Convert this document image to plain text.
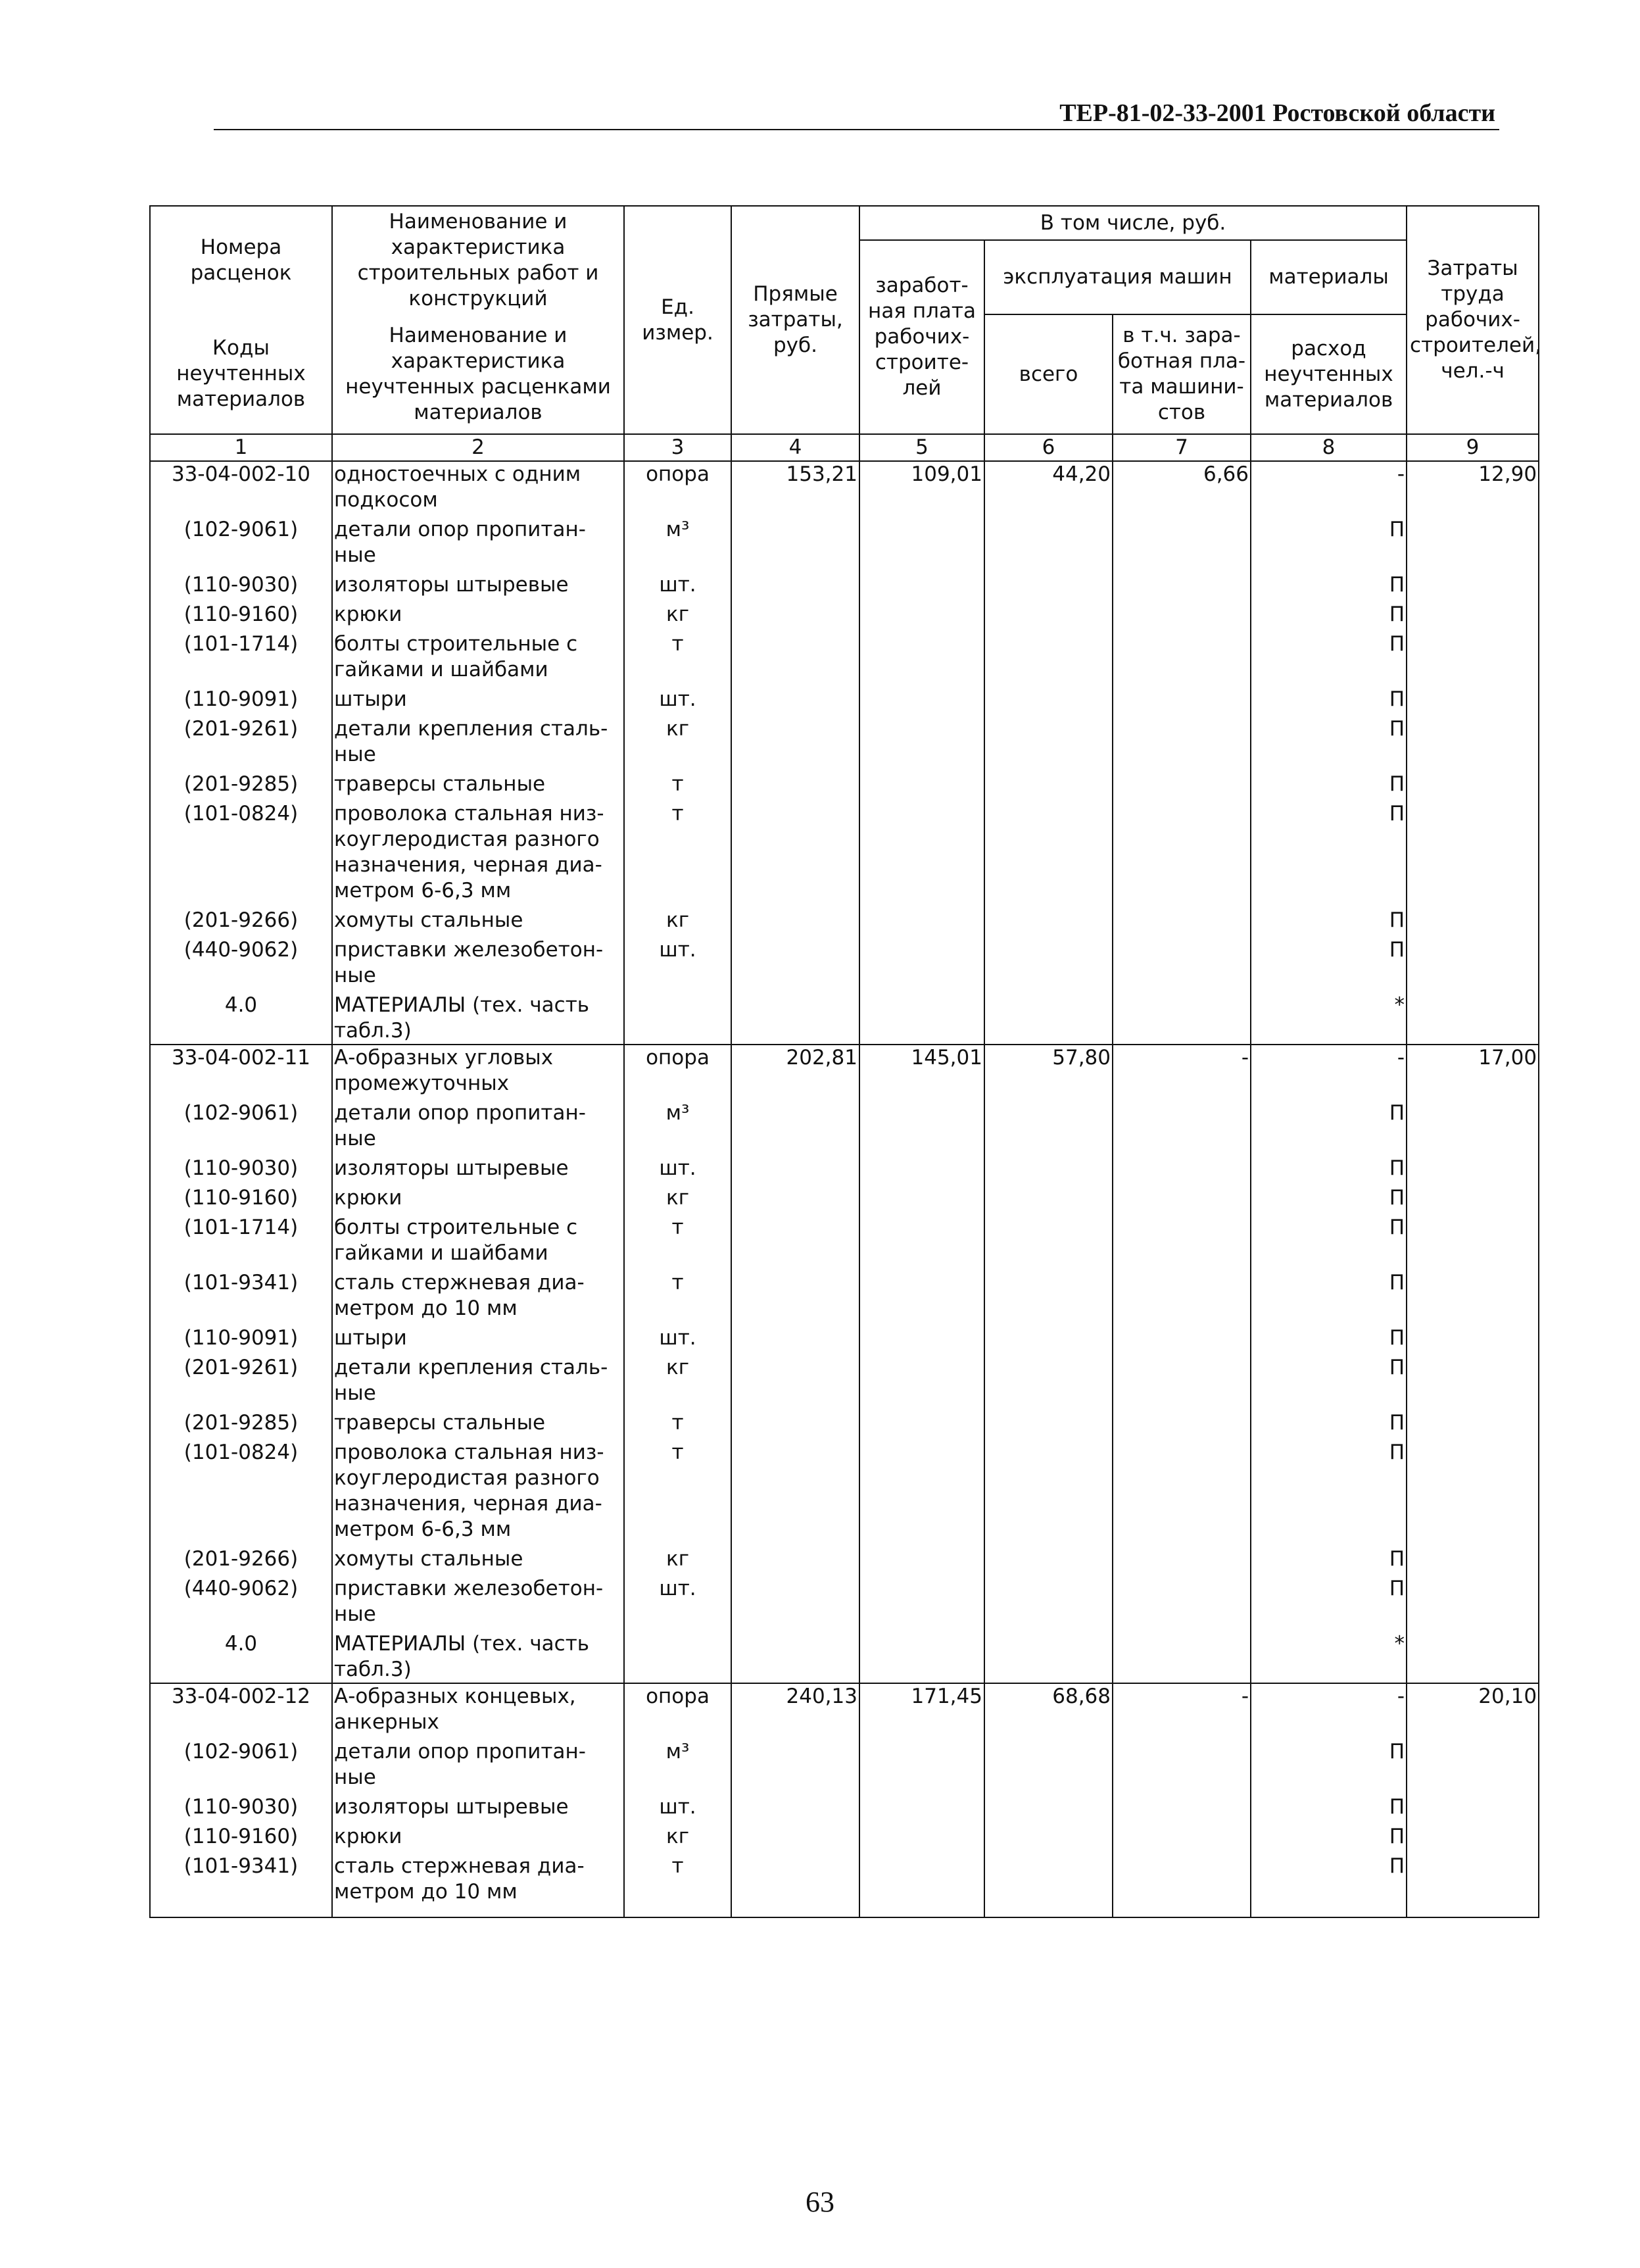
ТЕР-81-02-33-2001 Ростовской области
Номера расценок	Наименование и характеристика строительных работ и конструкций	Ед. измер.	Прямые затраты, руб.	В том числе, руб.				Затраты труда рабочих-строителей, чел.-ч
				заработ-ная плата рабочих-строите-лей	эксплуатация машин		материалы	
Коды неучтенных материалов	Наименование и характеристика неучтенных расценками материалов				всего	в т.ч. зара-ботная пла-та машини-стов	расход неучтенных материалов	

1	2	3	4	5	6	7	8	9
33-04-002-10	одностоечных с одним подкосом	опора	153,21	109,01	44,20	6,66	-	12,90
(102-9061)	детали опор пропитан-ные	м³					П	
(110-9030)	изоляторы штыревые	шт.					П	
(110-9160)	крюки	кг					П	
(101-1714)	болты строительные с гайками и шайбами	т					П	
(110-9091)	штыри	шт.					П	
(201-9261)	детали крепления сталь-ные	кг					П	
(201-9285)	траверсы стальные	т					П	
(101-0824)	проволока стальная низ-коуглеродистая разного назначения, черная диа-метром 6-6,3 мм	т					П	
(201-9266)	хомуты стальные	кг					П	
(440-9062)	приставки железобетон-ные	шт.					П	
4.0	МАТЕРИАЛЫ (тех. часть табл.3)						*	
33-04-002-11	А-образных угловых промежуточных	опора	202,81	145,01	57,80	-	-	17,00
(102-9061)	детали опор пропитан-ные	м³					П	
(110-9030)	изоляторы штыревые	шт.					П	
(110-9160)	крюки	кг					П	
(101-1714)	болты строительные с гайками и шайбами	т					П	
(101-9341)	сталь стержневая диа-метром до 10 мм	т					П	
(110-9091)	штыри	шт.					П	
(201-9261)	детали крепления сталь-ные	кг					П	
(201-9285)	траверсы стальные	т					П	
(101-0824)	проволока стальная низ-коуглеродистая разного назначения, черная диа-метром 6-6,3 мм	т					П	
(201-9266)	хомуты стальные	кг					П	
(440-9062)	приставки железобетон-ные	шт.					П	
4.0	МАТЕРИАЛЫ (тех. часть табл.3)						*	
33-04-002-12	А-образных концевых, анкерных	опора	240,13	171,45	68,68	-	-	20,10
(102-9061)	детали опор пропитан-ные	м³					П	
(110-9030)	изоляторы штыревые	шт.					П	
(110-9160)	крюки	кг					П	
(101-9341)	сталь стержневая диа-метром до 10 мм	т					П	
63
